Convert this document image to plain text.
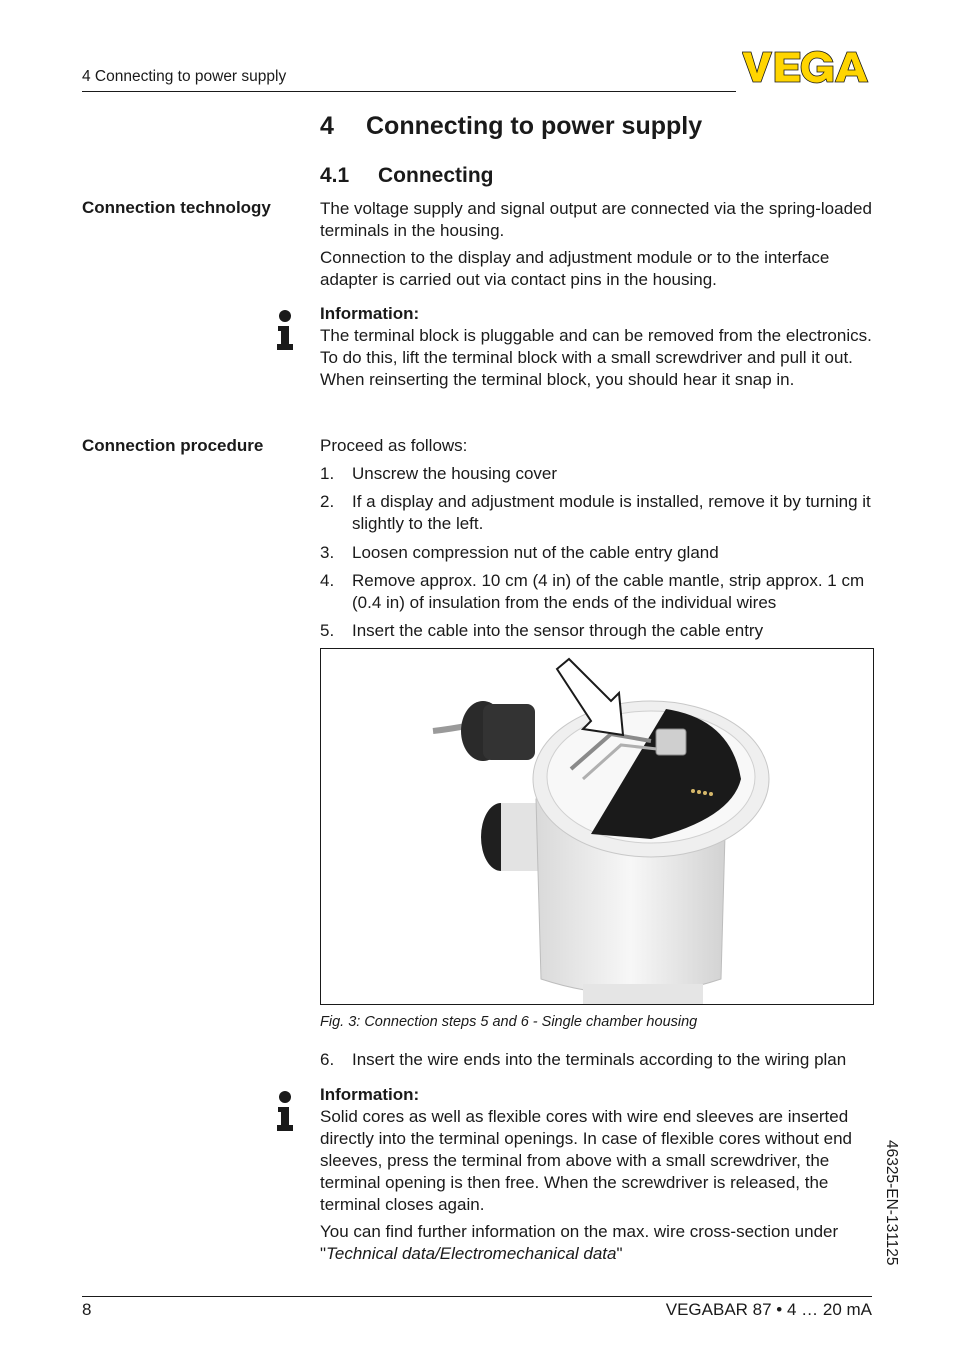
4 Connecting to power supply
4 Connecting to power supply
4.1 Connecting
Connection technology	The voltage supply and signal output are connected via the spring-loaded terminals in the housing.
Connection to the display and adjustment module or to the interface adapter is carried out via contact pins in the housing.
Information:
The terminal block is pluggable and can be removed from the electronics. To do this, lift the terminal block with a small screwdriver and pull it out. When reinserting the terminal block, you should hear it snap in.
Connection procedure	Proceed as follows:
1. Unscrew the housing cover
2. If a display and adjustment module is installed, remove it by turning it slightly to the left.
3. Loosen compression nut of the cable entry gland
4. Remove approx. 10 cm (4 in) of the cable mantle, strip approx. 1 cm (0.4 in) of insulation from the ends of the individual wires
5. Insert the cable into the sensor through the cable entry
Fig. 3: Connection steps 5 and 6 - Single chamber housing
6. Insert the wire ends into the terminals according to the wiring plan
Information:
Solid cores as well as flexible cores with wire end sleeves are inserted directly into the terminal openings. In case of flexible cores without end sleeves, press the terminal from above with a small screwdriver, the terminal opening is then free. When the screwdriver is released, the terminal closes again.
You can find further information on the max. wire cross-section under "Technical data/Electromechanical data"	46325-EN-131125
8	VEGABAR 87 • 4 … 20 mA
